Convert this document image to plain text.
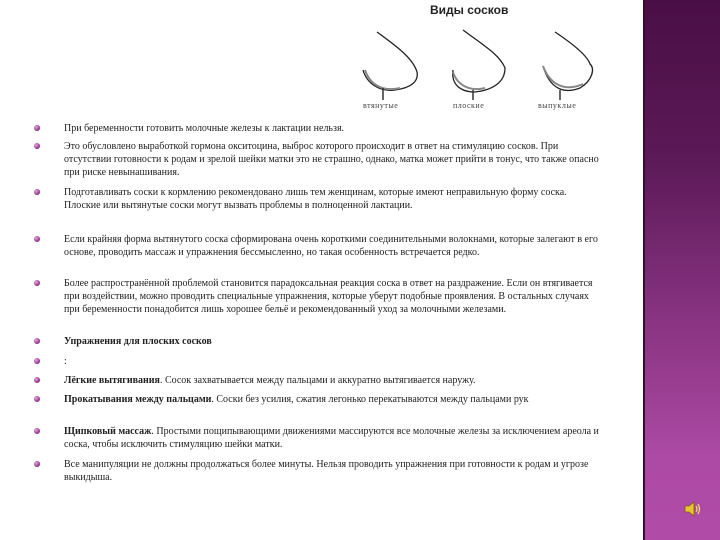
Виды сосков
втянутые	плоские	выпуклые
При беременности готовить молочные железы к лактации нельзя.
Это обусловлено выработкой гормона окситоцина, выброс которого происходит в ответ на стимуляцию сосков. При отсутствии готовности к родам и зрелой шейки матки это не страшно, однако, матка может прийти в тонус, что также опасно при риске невынашивания.
Подготавливать соски к кормлению рекомендовано лишь тем женщинам, которые имеют неправильную форму соска. Плоские или вытянутые соски могут вызвать проблемы в полноценной лактации.
Если крайняя форма вытянутого соска сформирована очень короткими соединительными волокнами, которые залегают в его основе, проводить массаж и упражнения бессмысленно, но такая особенность встречается редко.
Более распространённой проблемой становится парадоксальная реакция соска в ответ на раздражение. Если он втягивается при воздействии, можно проводить специальные упражнения, которые уберут подобные проявления. В остальных случаях при беременности понадобится лишь хорошее бельё и рекомендованный уход за молочными железами.
Упражнения для плоских сосков
:
Лёгкие вытягивания. Сосок захватывается между пальцами и аккуратно вытягивается наружу.
Прокатывания между пальцами. Соски без усилия, сжатия легонько перекатываются между пальцами рук
Щипковый массаж. Простыми пощипывающими движениями массируются все молочные железы за исключением ареола и соска, чтобы исключить стимуляцию шейки матки.
Все манипуляции не должны продолжаться более минуты. Нельзя проводить упражнения при готовности к родам и угрозе выкидыша.
